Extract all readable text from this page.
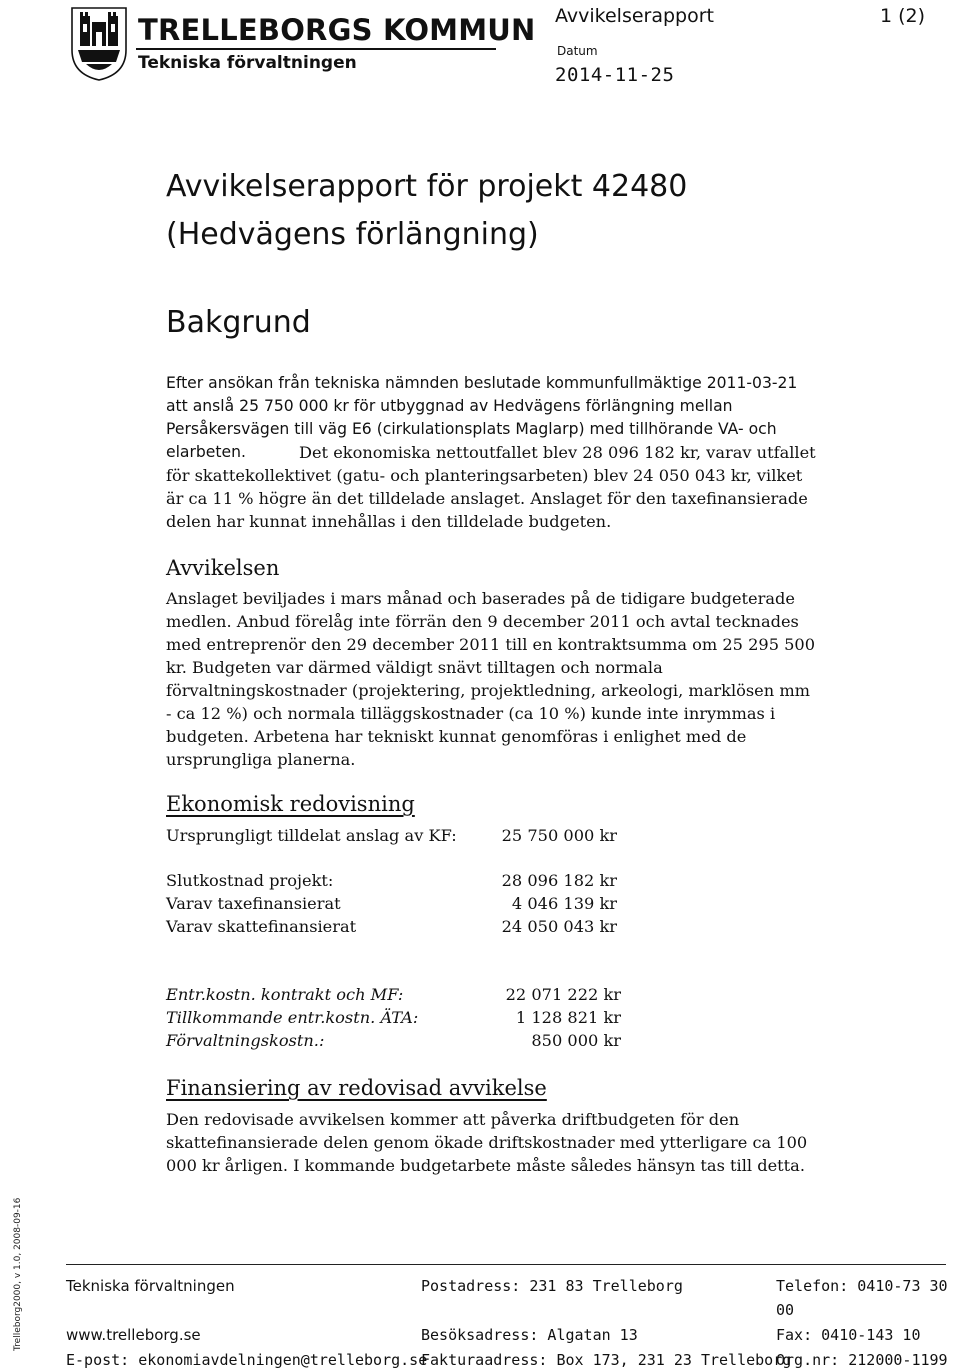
TRELLEBORGS KOMMUN
Tekniska förvaltningen
Avvikelserapport	1 (2)
Datum
2014-11-25
Avvikelserapport för projekt 42480 (Hedvägens förlängning)
Bakgrund

Efter ansökan från tekniska nämnden beslutade kommunfullmäktige 2011-03-21 att anslå 25 750 000 kr för utbyggnad av Hedvägens förlängning mellan Persåkersvägen till väg E6 (cirkulationsplats Maglarp) med tillhörande VA- och elarbeten.	Det ekonomiska nettoutfallet blev 28 096 182 kr, varav utfallet för skattekollektivet (gatu- och planteringsarbeten) blev 24 050 043 kr, vilket är ca 11 % högre än det tilldelade anslaget. Anslaget för den taxefinansierade delen har kunnat innehållas i den tilldelade budgeten.

Avvikelsen

Anslaget beviljades i mars månad och baserades på de tidigare budgeterade medlen. Anbud förelåg inte förrän den 9 december 2011 och avtal tecknades med entreprenör den 29 december 2011 till en kontraktsumma om 25 295 500 kr. Budgeten var därmed väldigt snävt tilltagen och normala förvaltningskostnader (projektering, projektledning, arkeologi, marklösen mm - ca 12 %) och normala tilläggskostnader (ca 10 %) kunde inte inrymmas i budgeten. Arbetena har tekniskt kunnat genomföras i enlighet med de ursprungliga planerna.

Ekonomisk redovisning
Ursprungligt tilldelat anslag av KF:	25 750 000 kr
Slutkostnad projekt:	28 096 182 kr
Varav taxefinansierat	4 046 139 kr
Varav skattefinansierat	24 050 043 kr
Entr.kostn. kontrakt och MF:	22 071 222 kr
Tillkommande entr.kostn. ÄTA:	1 128 821 kr
Förvaltningskostn.:	850 000 kr
Finansiering av redovisad avvikelse

Den redovisade avvikelsen kommer att påverka driftbudgeten för den skattefinansierade delen genom ökade driftskostnader med ytterligare ca 100 000 kr årligen. I kommande budgetarbete måste således hänsyn tas till detta.

Trelleborg2000, v 1.0, 2008-09-16	Tekniska förvaltningen
www.trelleborg.se
E-post: ekonomiavdelningen@trelleborg.se
Postadress: 231 83 Trelleborg
Besöksadress: Algatan 13
Fakturaadress: Box 173, 231 23 Trelleborg
Telefon: 0410-73 30
00
Fax: 0410-143 10
Org.nr: 212000-1199
